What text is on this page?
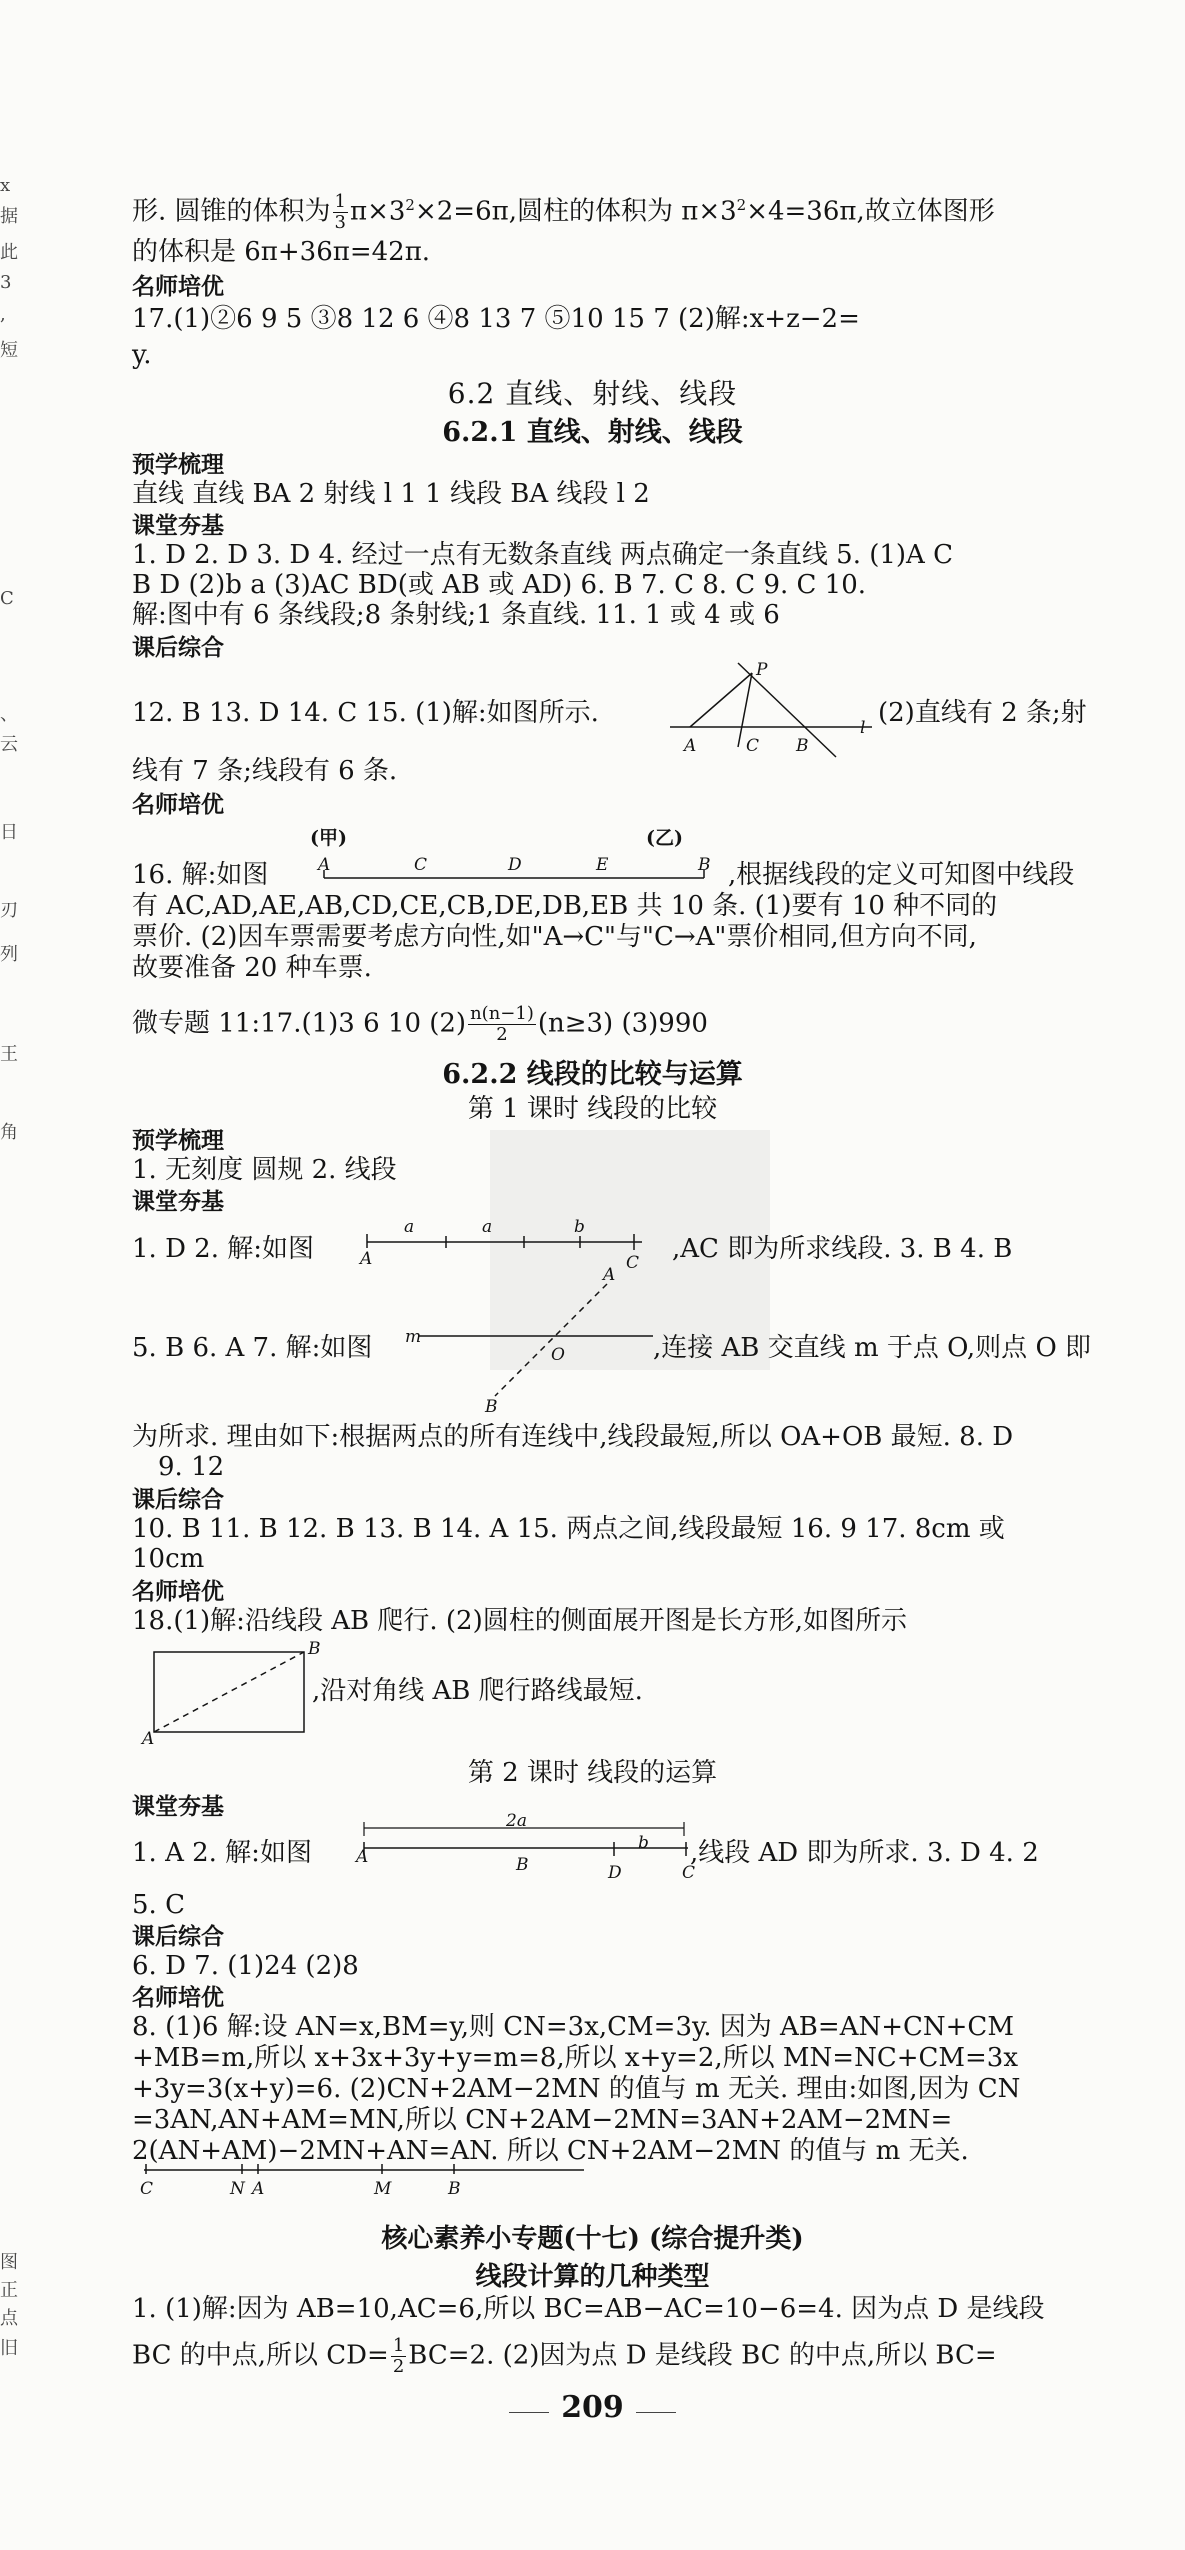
x
据
此
3
,
短
C
、
云
日
刃
列
王
角
图
正
点
旧
形. 圆锥的体积为 $\frac{1}{3} \pi\times 3^2\times 2=6\pi$,圆柱的体积为 $\pi\times 3^2\times 4=36\pi$,故立体图形
的体积是 6π+36π=42π.
名师培优
17.(1)②6 9 5 ③8 12 6 ④8 13 7 ⑤10 15 7 (2)解:x+z−2=
y.
6.2 直线、射线、线段
6.2.1 直线、射线、线段
预学梳理
直线 直线 BA 2 射线 l 1 1 线段 BA 线段 l 2
课堂夯基
1. D 2. D 3. D 4. 经过一点有无数条直线 两点确定一条直线 5. (1)A C
B D (2)b a (3)AC BD(或 AB 或 AD) 6. B 7. C 8. C 9. C 10.
解:图中有 6 条线段;8 条射线;1 条直线. 11. 1 或 4 或 6
课后综合
12. B 13. D 14. C 15. (1)解:如图所示.	(2)直线有 2 条;射
P
A	C B
l
线有 7 条;线段有 6 条.
名师培优
16. 解:如图
(甲)	(乙)
A	C	D	E	B ,根据线段的定义可知图中线段
有 AC,AD,AE,AB,CD,CE,CB,DE,DB,EB 共 10 条. (1)要有 10 种不同的
票价. (2)因车票需要考虑方向性,如"A→C"与"C→A"票价相同,但方向不同,
故要准备 20 种车票.
微专题 11:17.(1)3 6 10 $(2) \frac{n(n-1)}{2} (n\ge 3)$ (3)990
6.2.2 线段的比较与运算
第 1 课时 线段的比较
预学梳理
1. 无刻度 圆规 2. 线段
课堂夯基
1. D 2. 解:如图
a	a	b
A	C ,AC 即为所求线段. 3. B 4. B
5. B 6. A 7. 解:如图 m
A
O
B
,连接 AB 交直线 m 于点 O,则点 O 即
为所求. 理由如下:根据两点的所有连线中,线段最短,所以 OA+OB 最短. 8. D
9. 12
课后综合
10. B 11. B 12. B 13. B 14. A 15. 两点之间,线段最短 16. 9 17. 8cm 或
10cm
名师培优
18.(1)解:沿线段 AB 爬行. (2)圆柱的侧面展开图是长方形,如图所示
A
B
,沿对角线 AB 爬行路线最短.
第 2 课时 线段的运算
课堂夯基
1. A 2. 解:如图
2a
b
A	B	D	C
,线段 AD 即为所求. 3. D 4. 2
5. C
课后综合
6. D 7. (1)24 (2)8
名师培优
8. (1)6 解:设 AN=x,BM=y,则 CN=3x,CM=3y. 因为 AB=AN+CN+CM
+MB=m,所以 x+3x+3y+y=m=8,所以 x+y=2,所以 MN=NC+CM=3x
+3y=3(x+y)=6. (2)CN+2AM−2MN 的值与 m 无关. 理由:如图,因为 CN
=3AN,AN+AM=MN,所以 CN+2AM−2MN=3AN+2AM−2MN=
2(AN+AM)−2MN+AN=AN. 所以 CN+2AM−2MN 的值与 m 无关.
C	N A	M	B
核心素养小专题(十七) (综合提升类)
线段计算的几种类型
1. (1)解:因为 AB=10,AC=6,所以 BC=AB−AC=10−6=4. 因为点 D 是线段
BC 的中点,所以 $CD= \frac{1}{2} BC=2$. (2)因为点 D 是线段 BC 的中点,所以 BC=
209
